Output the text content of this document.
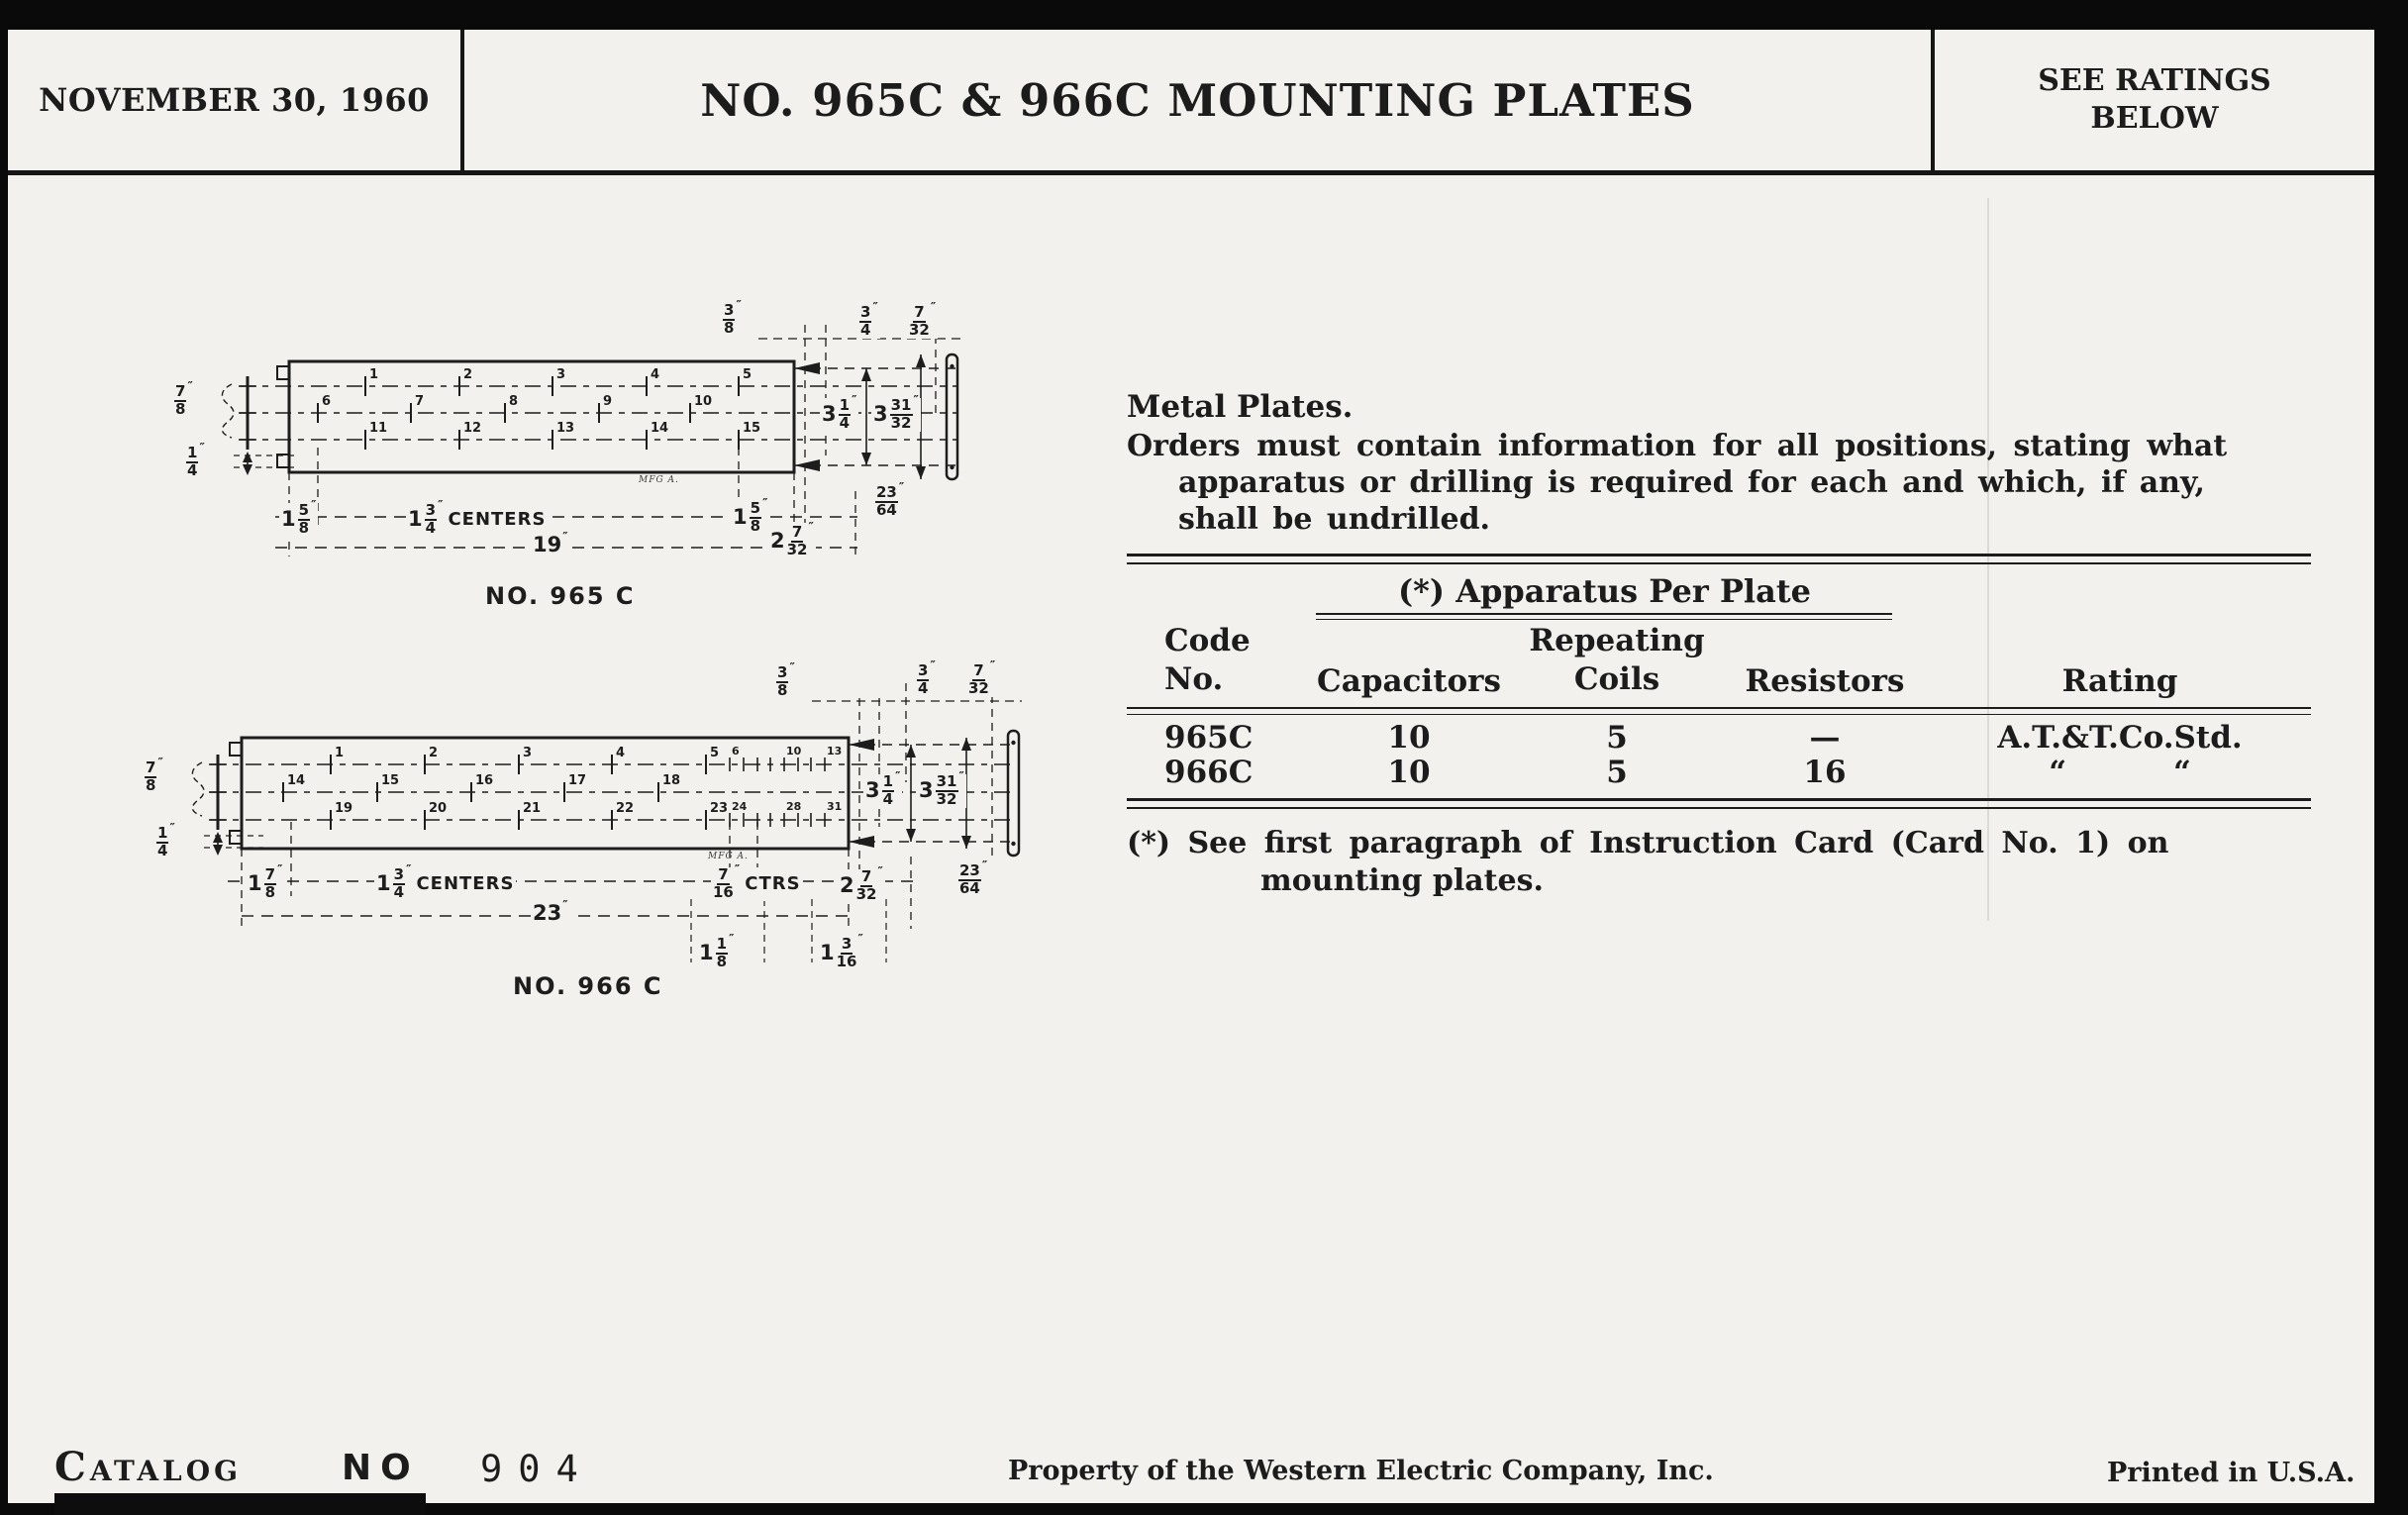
NOVEMBER 30, 1960	NO. 965C & 966C MOUNTING PLATES	SEE RATINGS
BELOW
1	2	3	4	5
6	7	8	9	10
11	12	13	14	15
$\frac{7}{8}$ ″
$\frac{1}{4}$ ″
$\frac{3}{8}$ ″	$\frac{3}{4}$ ″ $\frac{7}{32}$ ″
$3 \frac{1}{4}$ ″
$3 \frac{31}{32}$ ″
$\frac{23}{64}$ ″
$1 \frac{5}{8}$ ″
$1 \frac{3}{4}$ ″
CENTERS	$1 \frac{5}{8}$ ″
19 ″	$2 \frac{7}{32}$ ″
NO. 965 C
MFG A.
1	2	3	4	5 6	10 13
14	15	16	17	18
19	20	21	22	23 24	28 31
$\frac{7}{8}$ ″
$\frac{1}{4}$ ″
$\frac{3}{8}$ ″	$\frac{3}{4}$ ″ $\frac{7}{32}$ ″
$3 \frac{1}{4}$ ″
$3 \frac{31}{32}$ ″
$\frac{23}{64}$ ″
$1 \frac{7}{8}$ ″
$1 \frac{3}{4}$ ″
CENTERS	$\frac{7}{16}$ ″
CTRS $2 \frac{7}{32}$ ″
23 ″
$1 \frac{1}{8}$ ″
$1 \frac{3}{16}$ ″
NO. 966 C
MFG A.

Metal Plates.

Orders must contain information for all positions, stating what

apparatus or drilling is required for each and which, if any,

shall be undrilled.

(*) Apparatus Per Plate
Code
No.	Capacitors
Repeating
Coils	Resistors	Rating
965C	10	5	—	A.T.&T.Co.Std.
966C	10	5	16	“          “

(*) See first paragraph of Instruction Card (Card No. 1) on

mounting plates.

Catalog	NO 904	Property of the Western Electric Company, Inc.	Printed in U.S.A.
